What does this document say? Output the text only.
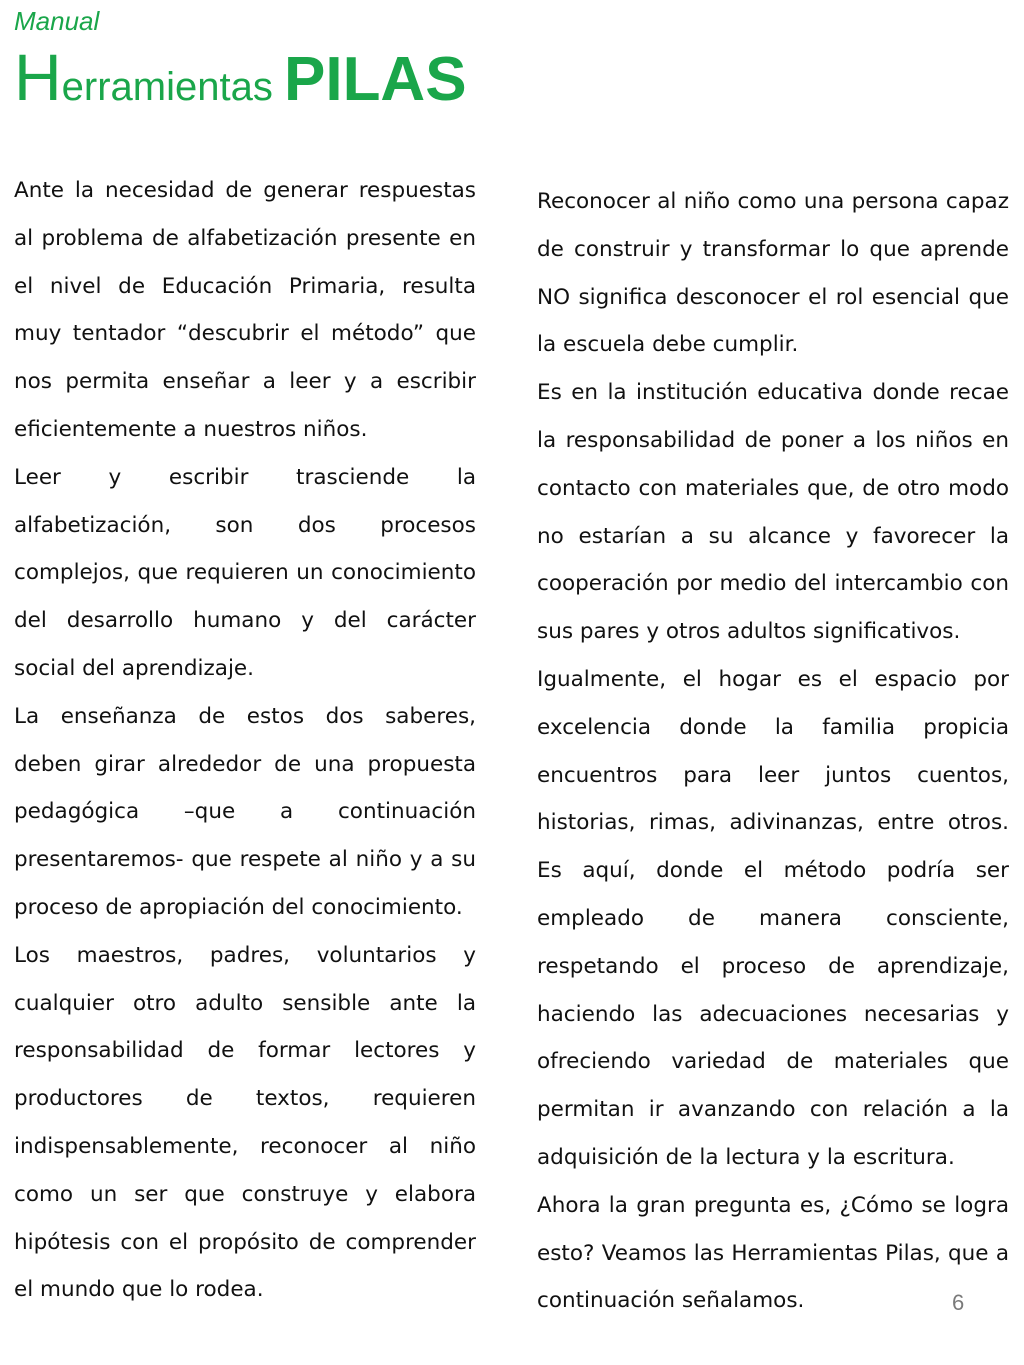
Manual
Herramientas PILAS

Ante la necesidad de generar respuestas al problema de alfabetización presente en el nivel de Educación Primaria, resulta muy tentador “descubrir el método” que nos permita enseñar a leer y a escribir eficientemente a nuestros niños.

Leer y escribir trasciende la alfabetización, son dos procesos complejos, que requieren un conocimiento del desarrollo humano y del carácter social del aprendizaje.

La enseñanza de estos dos saberes, deben girar alrededor de una propuesta pedagógica –que a continuación presentaremos- que respete al niño y a su proceso de apropiación del conocimiento.

Los maestros, padres, voluntarios y cualquier otro adulto sensible ante la responsabilidad de formar lectores y productores de textos, requieren indispensablemente, reconocer al niño como un ser que construye y elabora hipótesis con el propósito de comprender el mundo que lo rodea.

Reconocer al niño como una persona capaz de construir y transformar lo que aprende NO significa desconocer el rol esencial que la escuela debe cumplir.

Es en la institución educativa donde recae la responsabilidad de poner a los niños en contacto con materiales que, de otro modo no estarían a su alcance y favorecer la cooperación por medio del intercambio con sus pares y otros adultos significativos.

Igualmente, el hogar es el espacio por excelencia donde la familia propicia encuentros para leer juntos cuentos, historias, rimas, adivinanzas, entre otros. Es aquí, donde el método podría ser empleado de manera consciente, respetando el proceso de aprendizaje, haciendo las adecuaciones necesarias y ofreciendo variedad de materiales que permitan ir avanzando con relación a la adquisición de la lectura y la escritura.

Ahora la gran pregunta es, ¿Cómo se logra esto? Veamos las Herramientas Pilas, que a continuación señalamos.	6
